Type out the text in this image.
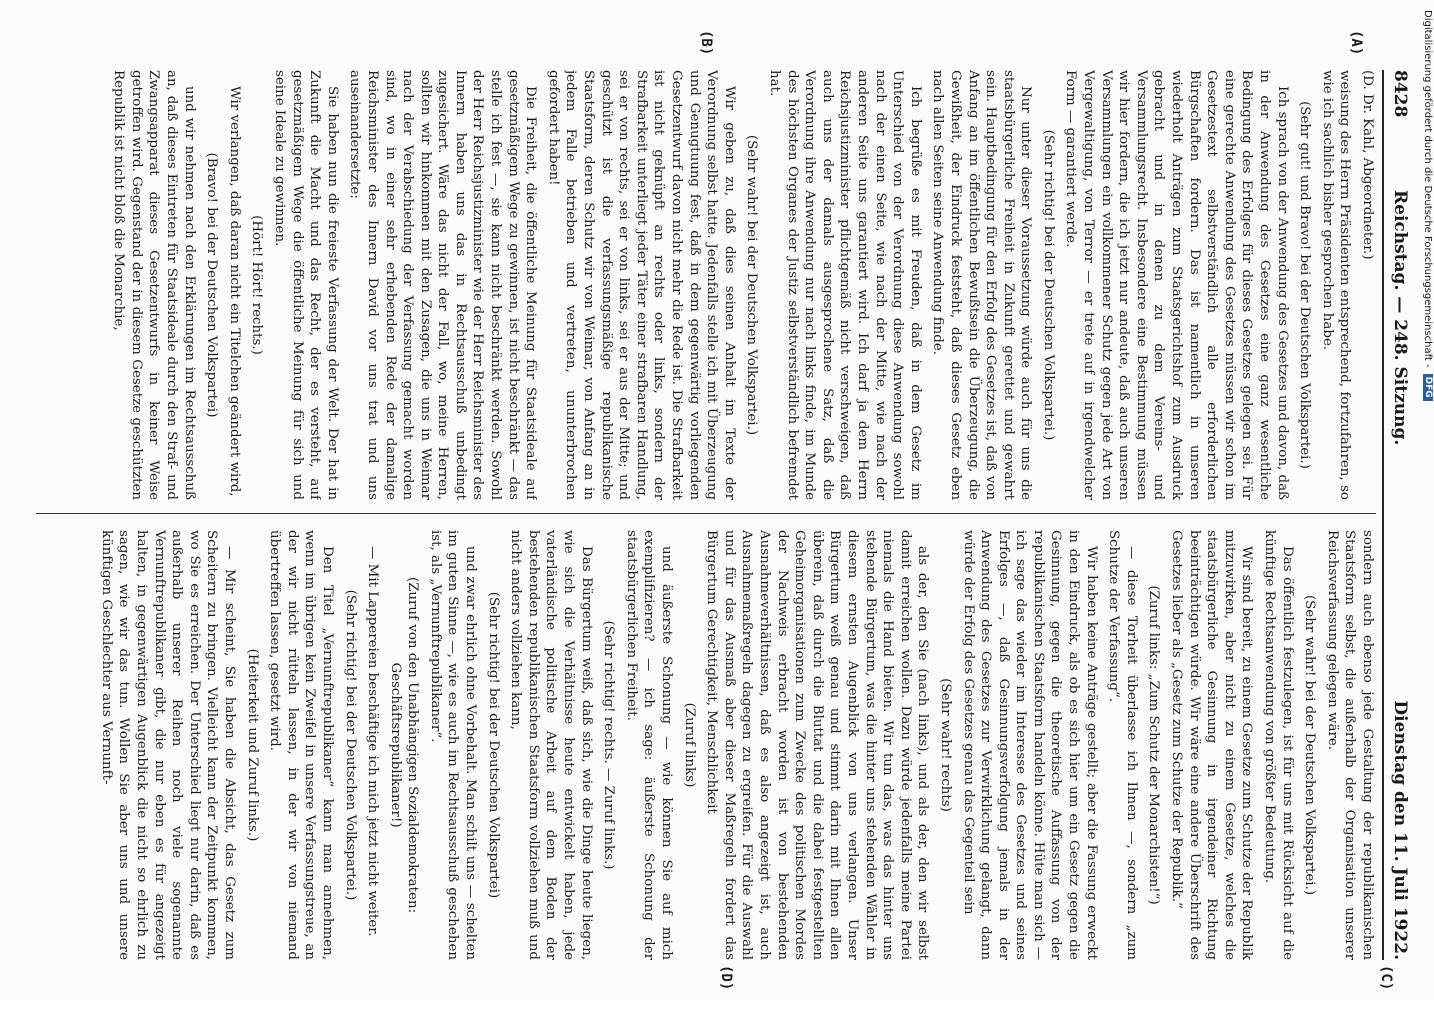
8428
Reichstag. — 248. Sitzung.
Dienstag den 11. Juli 1922.
(A)
(B)
(C)
(D)

(D. Dr. Kahl, Abgeordneter.)

weisung des Herrn Präsidenten entsprechend, fortzufahren, so wie ich sachlich bisher gesprochen habe.

(Sehr gut! und Bravo! bei der Deutschen Volkspartei.)

Ich sprach von der Anwendung des Gesetzes und davon, daß in der Anwendung des Gesetzes eine ganz wesentliche Bedingung des Erfolges für dieses Gesetzes gelegen sei. Für eine gerechte Anwendung des Gesetzes müssen wir schon im Gesetzestext selbstverständlich alle erforderlichen Bürgschaften fordern. Das ist namentlich in unseren wiederholt Anträgen zum Staatsgerichtshof zum Ausdruck gebracht und in denen zu dem Vereins- und Versammlungsrecht. Insbesondere eine Bestimmung müssen wir hier fordern, die ich jetzt nur andeute, daß auch unseren Versammlungen ein vollkommener Schutz gegen jede Art von Vergewaltigung, von Terror — er trete auf in irgendwelcher Form — garantiert werde.

(Sehr richtig! bei der Deutschen Volkspartei.)

Nur unter dieser Voraussetzung würde auch für uns die staatsbürgerliche Freiheit in Zukunft gerettet und gewahrt sein. Hauptbedingung für den Erfolg des Gesetzes ist, daß von Anfang an im öffentlichen Bewußtsein die Überzeugung, die Gewißheit, der Eindruck feststeht, daß dieses Gesetz eben nach allen Seiten seine Anwendung finde.

Ich begrüße es mit Freuden, daß in dem Gesetz im Unterschied von der Verordnung diese Anwendung sowohl nach der einen Seite, wie nach der Mitte, wie nach der anderen Seite uns garantiert wird. Ich darf ja dem Herrn Reichsjustizminister pflichtgemäß nicht verschweigen, daß auch uns der damals ausgesprochene Satz, daß die Verordnung ihre Anwendung nur nach links finde, im Munde des höchsten Organes der Justiz selbstverständlich befremdet hat.

(Sehr wahr! bei der Deutschen Volkspartei.)

Wir geben zu, daß dies seinen Anhalt im Texte der Verordnung selbst hatte. Jedenfalls stelle ich mit Überzeugung und Genugtuung fest, daß in dem gegenwärtig vorliegenden Gesetzentwurf davon nicht mehr die Rede ist. Die Strafbarkeit ist nicht geknüpft an rechts oder links, sondern der Strafbarkeit unterliegt jeder Täter einer strafbaren Handlung, sei er von rechts, sei er von links, sei er aus der Mitte; und geschützt ist die verfassungsmäßige republikanische Staatsform, deren Schutz wir von Weimar, von Anfang an in jedem Falle betrieben und vertreten, ununterbrochen gefordert haben!

Die Freiheit, die öffentliche Meinung für Staatsideale auf gesetzmäßigem Wege zu gewinnen, ist nicht beschränkt — das stelle ich fest —, sie kann nicht beschränkt werden. Sowohl der Herr Reichsjustizminister wie der Herr Reichsminister des Innern haben uns das in Rechtsausschuß unbedingt zugesichert. Wäre das nicht der Fall, wo, meine Herren, sollten wir hinkommen mit den Zusagen, die uns in Weimar nach der Verabschiedung der Verfassung gemacht worden sind, wo in einer sehr erhebenden Rede der damalige Reichsminister des Innern David vor uns trat und uns auseinandersetzte:

Sie haben nun die freieste Verfassung der Welt. Der hat in Zukunft die Macht und das Recht, der es versteht, auf gesetzmäßigem Wege die öffentliche Meinung für sich und seine Ideale zu gewinnen.

(Hört! Hört! rechts.)

Wir verlangen, daß daran nicht ein Titelchen geändert wird,

(Bravo! bei der Deutschen Volkspartei)

und wir nehmen nach den Erklärungen im Rechtsausschuß an, daß dieses Eintreten für Staatsideale durch den Straf- und Zwangsapparat dieses Gesetzentwurfs in keiner Weise getroffen wird. Gegenstand der in diesem Gesetze geschützten Republik ist nicht bloß die Monarchie,

sondern auch ebenso jede Gestaltung der republikanischen Staatsform selbst, die außerhalb der Organisation unserer Reichsverfassung gelegen wäre.

(Sehr wahr! bei der Deutschen Volkspartei.)

Das öffentlich festzulegen, ist für uns mit Rücksicht auf die künftige Rechtsanwendung von größter Bedeutung.

Wir sind bereit, zu einem Gesetze zum Schutze der Republik mitzuwirken, aber nicht zu einem Gesetze, welches die staatsbürgerliche Gesinnung in irgendeiner Richtung beeinträchtigen würde. Wir wäre eine andere Überschrift des Gesetzes lieber als „Gesetz zum Schutze der Republik.“

(Zuruf links: „Zum Schutz der Monarchisten!“)

— diese Torheit überlasse ich Ihnen —, sondern „zum Schutze der Verfassung“.

Wir haben keine Anträge gestellt; aber die Fassung erweckt in den Eindruck, als ob es sich hier um ein Gesetz gegen die Gesinnung, gegen die theoretische Auffassung von der republikanischen Staatsform handeln könne. Hüte man sich — ich sage das wieder im Interesse des Gesetzes und seines Erfolges —, daß Gesinnungsverfolgung jemals in der Anwendung des Gesetzes zur Verwirklichung gelangt, dann würde der Erfolg des Gesetzes genau das Gegenteil sein

(Sehr wahr! rechts)

als der, den Sie (nach links), und als der, den wir selbst damit erreichen wollen. Dazu würde jedenfalls meine Partei niemals die Hand bieten. Wir tun das, was das hinter uns stehende Bürgertum, was die hinter uns stehenden Wähler in diesem ernsten Augenblick von uns verlangen. Unser Bürgertum weiß genau und stimmt darin mit Ihnen allen überein, daß durch die Bluttat und die dabei festgestellten Geheimorganisationen zum Zwecke des politischen Mordes der Nachweis erbracht worden ist von bestehenden Ausnahmeverhältnissen, daß es also angezeigt ist, auch Ausnahmemaßregeln dagegen zu ergreifen. Für die Auswahl und für das Ausmaß aber dieser Maßregeln fordert das Bürgertum Gerechtigkeit, Menschlichkeit

(Zuruf links)

und äußerste Schonung — wie können Sie auf mich exemplifizieren? — ich sage: äußerste Schonung der staatsbürgerlichen Freiheit.

(Sehr richtig! rechts. — Zuruf links.)

Das Bürgertum weiß, daß sich, wie die Dinge heute liegen, wie sich die Verhältnisse heute entwickelt haben, jede vaterländische politische Arbeit auf dem Boden der bestehenden republikanischen Staatsform vollziehen muß und nicht anders vollziehen kann,

(Sehr richtig! bei der Deutschen Volkspartei)

und zwar ehrlich ohne Vorbehalt. Man schilt uns — schelten im guten Sinne —, wie es auch im Rechtsausschuß geschehen ist, als „Vernunftrepublikaner“.

(Zuruf von den Unabhängigen Sozialdemokraten: Geschäftsrepublikaner!)

— Mit Lappereien beschäftige ich mich jetzt nicht weiter.

(Sehr richtig! bei der Deutschen Volkspartei.)

Den Titel „Vernunftrepublikaner“ kann man annehmen, wenn im übrigen kein Zweifel in unsere Verfassungstreue, an der wir nicht rütteln lassen, in der wir von niemand übertreffen lassen, gesetzt wird.

(Heiterkeit und Zuruf links.)

— Mir scheint, Sie haben die Absicht, das Gesetz zum Scheitern zu bringen. Vielleicht kann der Zeitpunkt kommen, wo Sie es erreichen. Der Unterschied liegt nur darin, daß es außerhalb unserer Reihen noch viele sogenannte Vernunftrepublikaner gibt, die nur eben es für angezeigt halten, in gegenwärtigen Augenblick die nicht so ehrlich zu sagen, wie wir das tun. Wollen Sie aber uns und unsere künftigen Geschlechter aus Vernunft-

Digitalisierung gefördert durch die Deutsche Forschungsgemeinschaft -
DFG
